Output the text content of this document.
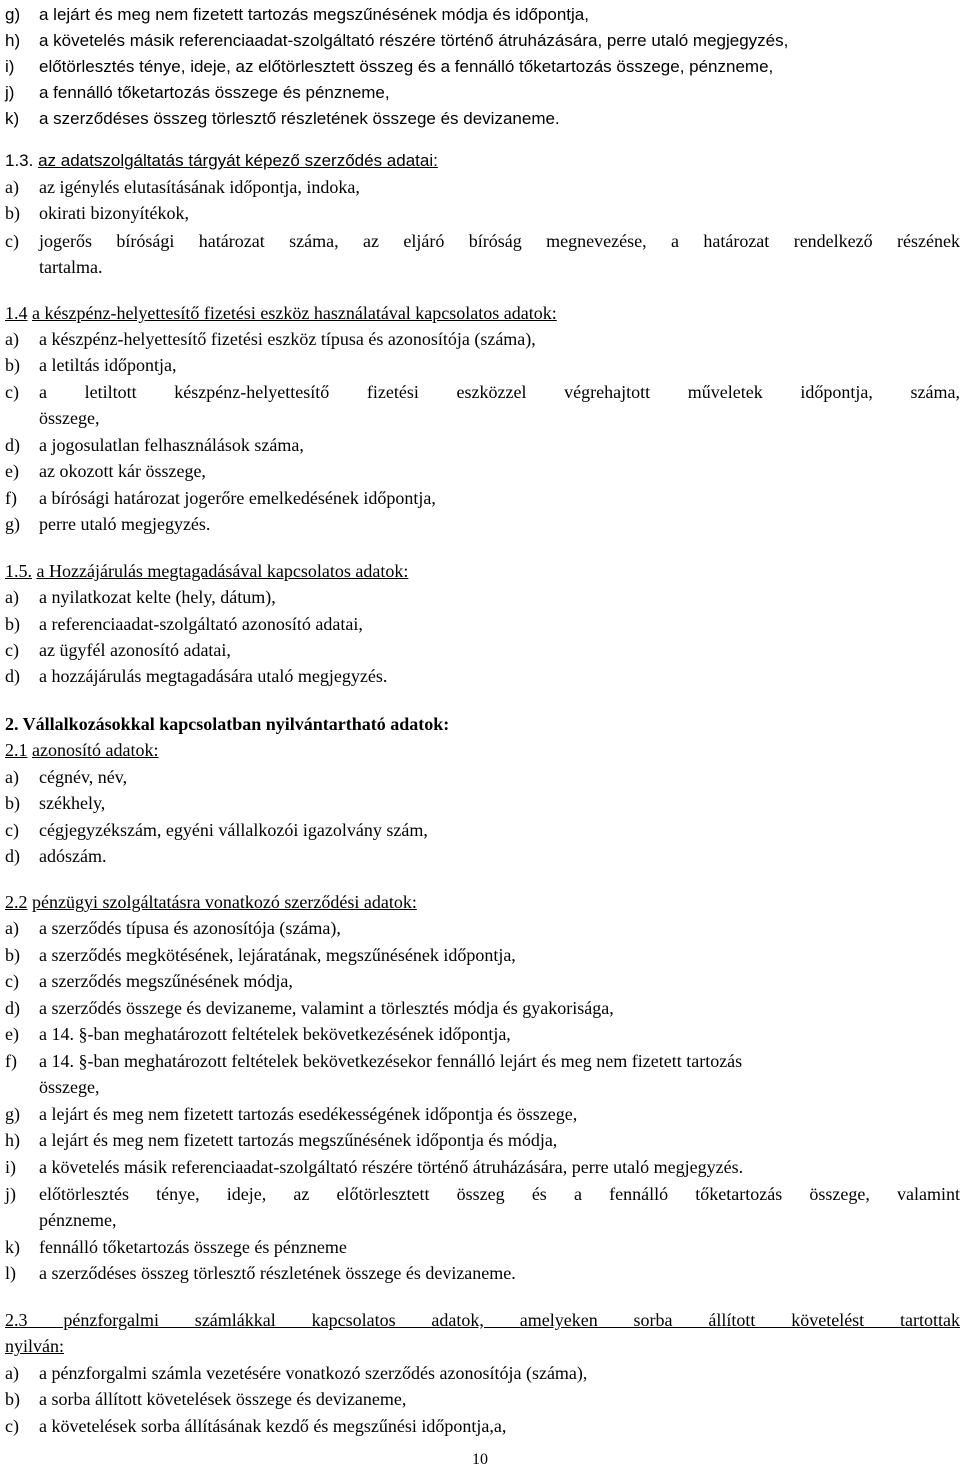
g)	a lejárt és meg nem fizetett tartozás megszűnésének módja és időpontja,
h)	a követelés másik referenciaadat-szolgáltató részére történő átruházására, perre utaló megjegyzés,
i)	előtörlesztés ténye, ideje, az előtörlesztett összeg és a fennálló tőketartozás összege, pénzneme,
j)	a fennálló tőketartozás összege és pénzneme,
k)	a szerződéses összeg törlesztő részletének összege és devizaneme.
1.3. az adatszolgáltatás tárgyát képező szerződés adatai:
a)	az igénylés elutasításának időpontja, indoka,
b)	okirati bizonyítékok,
c)	jogerős bírósági határozat száma, az eljáró bíróság megnevezése, a határozat rendelkező részének
tartalma.
1.4 a készpénz-helyettesítő fizetési eszköz használatával kapcsolatos adatok:
a)	a készpénz-helyettesítő fizetési eszköz típusa és azonosítója (száma),
b)	a letiltás időpontja,
c)	a letiltott készpénz-helyettesítő fizetési eszközzel végrehajtott műveletek időpontja, száma,
összege,
d)	a jogosulatlan felhasználások száma,
e)	az okozott kár összege,
f)	a bírósági határozat jogerőre emelkedésének időpontja,
g)	perre utaló megjegyzés.
1.5. a Hozzájárulás megtagadásával kapcsolatos adatok:
a)	a nyilatkozat kelte (hely, dátum),
b)	a referenciaadat-szolgáltató azonosító adatai,
c)	az ügyfél azonosító adatai,
d)	a hozzájárulás megtagadására utaló megjegyzés.
2. Vállalkozásokkal kapcsolatban nyilvántartható adatok:
2.1 azonosító adatok:
a)	cégnév, név,
b)	székhely,
c)	cégjegyzékszám, egyéni vállalkozói igazolvány szám,
d)	adószám.
2.2 pénzügyi szolgáltatásra vonatkozó szerződési adatok:
a)	a szerződés típusa és azonosítója (száma),
b)	a szerződés megkötésének, lejáratának, megszűnésének időpontja,
c)	a szerződés megszűnésének módja,
d)	a szerződés összege és devizaneme, valamint a törlesztés módja és gyakorisága,
e)	a 14. §-ban meghatározott feltételek bekövetkezésének időpontja,
f)	a 14. §-ban meghatározott feltételek bekövetkezésekor fennálló lejárt és meg nem fizetett tartozás
összege,
g)	a lejárt és meg nem fizetett tartozás esedékességének időpontja és összege,
h)	a lejárt és meg nem fizetett tartozás megszűnésének időpontja és módja,
i)	a követelés másik referenciaadat-szolgáltató részére történő átruházására, perre utaló megjegyzés.
j)	előtörlesztés ténye, ideje, az előtörlesztett összeg és a fennálló tőketartozás összege, valamint
pénzneme,
k)	fennálló tőketartozás összege és pénzneme
l)	a szerződéses összeg törlesztő részletének összege és devizaneme.
2.3 pénzforgalmi számlákkal kapcsolatos adatok, amelyeken sorba állított követelést tartottak
nyilván:
a)	a pénzforgalmi számla vezetésére vonatkozó szerződés azonosítója (száma),
b)	a sorba állított követelések összege és devizaneme,
c)	a követelések sorba állításának kezdő és megszűnési időpontja,a,
10
